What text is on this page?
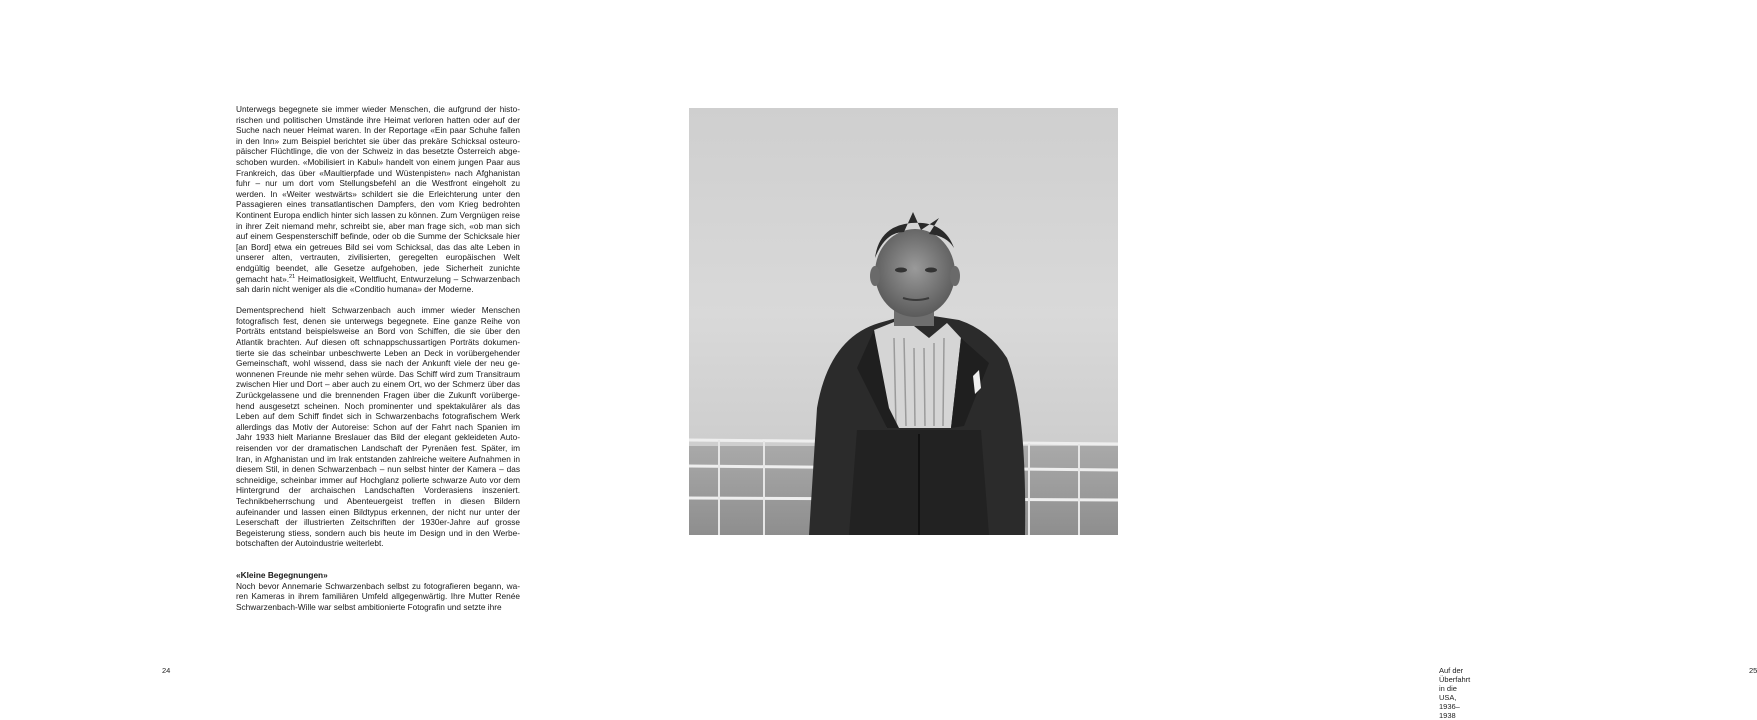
Unterwegs begegnete sie immer wieder Menschen, die aufgrund der historischen und politischen Umstände ihre Heimat verloren hatten oder auf der Suche nach neuer Heimat waren. In der Reportage «Ein paar Schuhe fallen in den Inn» zum Beispiel berichtet sie über das prekäre Schicksal osteuropäischer Flüchtlinge, die von der Schweiz in das besetzte Österreich abgeschoben wurden. «Mobilisiert in Kabul» handelt von einem jungen Paar aus Frankreich, das über «Maultierpfade und Wüstenpisten» nach Afghanistan fuhr – nur um dort vom Stellungsbefehl an die Westfront eingeholt zu werden. In «Weiter westwärts» schildert sie die Erleichterung unter den Passagieren eines transatlantischen Dampfers, den vom Krieg bedrohten Kontinent Europa endlich hinter sich lassen zu können. Zum Vergnügen reise in ihrer Zeit niemand mehr, schreibt sie, aber man frage sich, «ob man sich auf einem Gespensterschiff befinde, oder ob die Summe der Schicksale hier [an Bord] etwa ein getreues Bild sei vom Schicksal, das das alte Leben in unserer alten, vertrauten, zivilisierten, geregelten europäischen Welt endgültig beendet, alle Gesetze aufgehoben, jede Sicherheit zunichte gemacht hat».$^{21}$ Heimatlosigkeit, Weltflucht, Entwurzelung – Schwarzenbach sah darin nicht weniger als die «Conditio humana» der Moderne.

Dementsprechend hielt Schwarzenbach auch immer wieder Menschen fotografisch fest, denen sie unterwegs begegnete. Eine ganze Reihe von Porträts entstand beispielsweise an Bord von Schiffen, die sie über den Atlantik brachten. Auf diesen oft schnappschussartigen Porträts dokumentierte sie das scheinbar unbeschwerte Leben an Deck in vorübergehender Gemeinschaft, wohl wissend, dass sie nach der Ankunft viele der neu gewonnenen Freunde nie mehr sehen würde. Das Schiff wird zum Transitraum zwischen Hier und Dort – aber auch zu einem Ort, wo der Schmerz über das Zurückgelassene und die brennenden Fragen über die Zukunft vorübergehend ausgesetzt scheinen. Noch prominenter und spektakulärer als das Leben auf dem Schiff findet sich in Schwarzenbachs fotografischem Werk allerdings das Motiv der Autoreise: Schon auf der Fahrt nach Spanien im Jahr 1933 hielt Marianne Breslauer das Bild der elegant gekleideten Autoreisenden vor der dramatischen Landschaft der Pyrenäen fest. Später, im Iran, in Afghanistan und im Irak entstanden zahlreiche weitere Aufnahmen in diesem Stil, in denen Schwarzenbach – nun selbst hinter der Kamera – das schneidige, scheinbar immer auf Hochglanz polierte schwarze Auto vor dem Hintergrund der archaischen Landschaften Vorderasiens inszeniert. Technikbeherrschung und Abenteuergeist treffen in diesen Bildern aufeinander und lassen einen Bildtypus erkennen, der nicht nur unter der Leserschaft der illustrierten Zeitschriften der 1930er-Jahre auf grosse Begeisterung stiess, sondern auch bis heute im Design und in den Werbebotschaften der Autoindustrie weiterlebt.

«Kleine Begegnungen»

Noch bevor Annemarie Schwarzenbach selbst zu fotografieren begann, waren Kameras in ihrem familiären Umfeld allgegenwärtig. Ihre Mutter Renée Schwarzenbach-Wille war selbst ambitionierte Fotografin und setzte ihre

24	Auf der Überfahrt in die USA, 1936–1938
25
